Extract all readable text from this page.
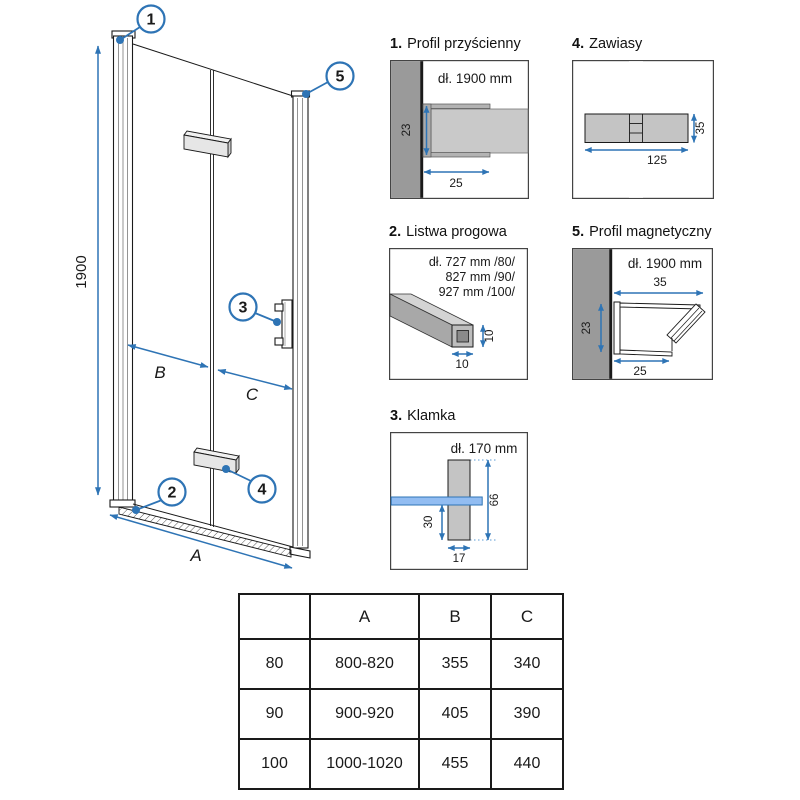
1900
B
C
A
1
5
3
2	4
1. Profil przyścienny
dł. 1900 mm
23
25
4. Zawiasy
35
125
2. Listwa progowa
dł. 727 mm /80/
827 mm /90/
927 mm /100/
10
10
5. Profil magnetyczny
dł. 1900 mm
35
23
25
3. Klamka
dł. 170 mm
66
30
17
	A	B	C
80	800-820	355	340
90	900-920	405	390
100	1000-1020	455	440
